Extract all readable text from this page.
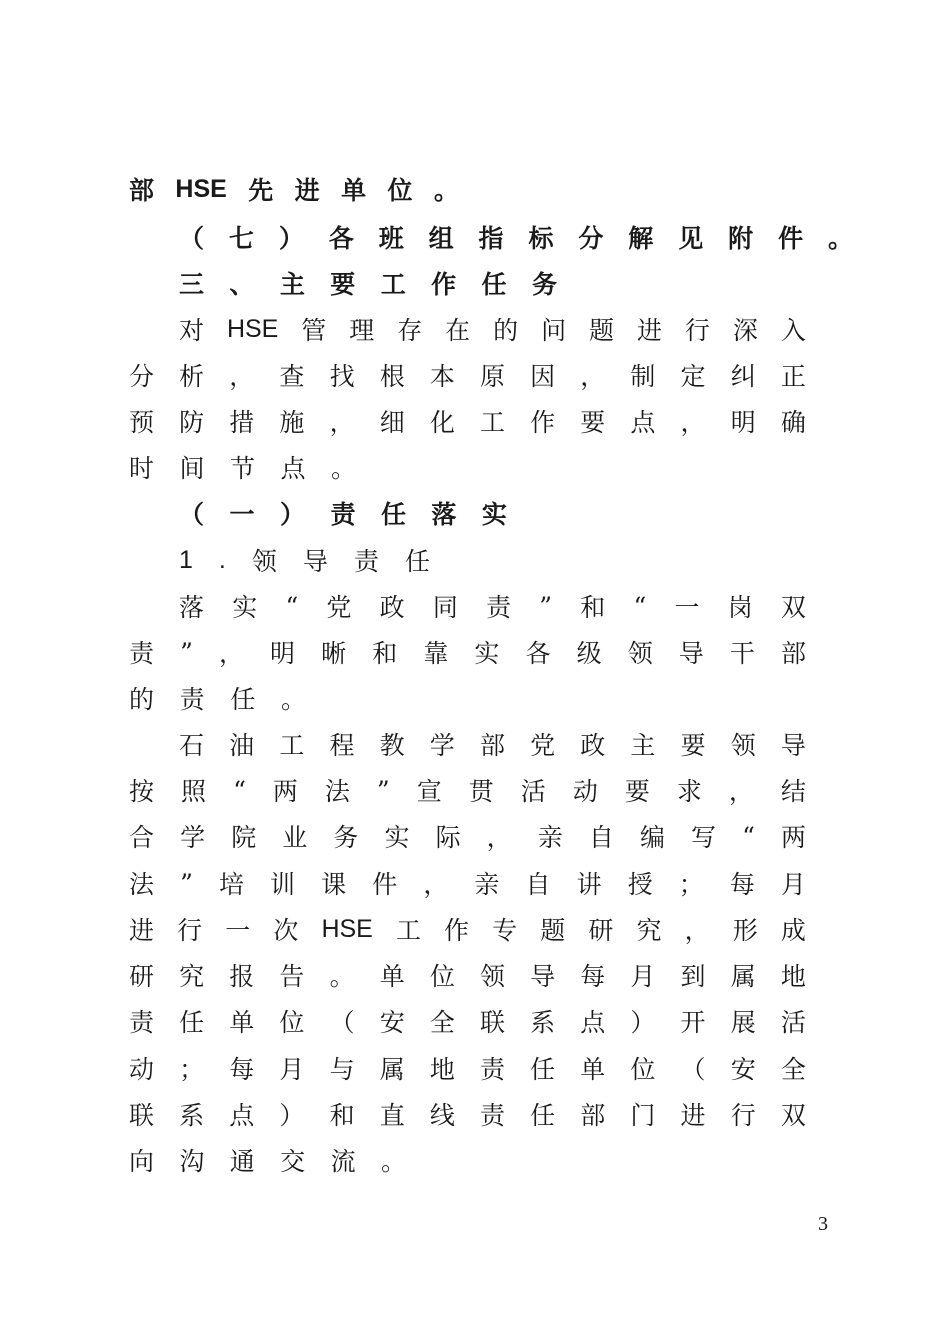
部 HSE 先 进 单 位 。
（ 七 ） 各 班 组 指 标 分 解 见 附 件 。
三 、 主 要 工 作 任 务
对 HSE 管 理 存 在 的 问 题 进 行 深 入
分 析 ， 查 找 根 本 原 因 ， 制 定 纠 正
预 防 措 施 ， 细 化 工 作 要 点 ， 明 确
时 间 节 点 。
（ 一 ） 责 任 落 实
1 . 领 导 责 任
落 实 “ 党 政 同 责 ” 和 “ 一 岗 双
责 ” ， 明 晰 和 靠 实 各 级 领 导 干 部
的 责 任 。
石 油 工 程 教 学 部 党 政 主 要 领 导
按 照 “ 两 法 ” 宣 贯 活 动 要 求 ， 结
合 学 院 业 务 实 际 ， 亲 自 编 写 “ 两
法 ” 培 训 课 件 ， 亲 自 讲 授 ； 每 月
进 行 一 次 HSE 工 作 专 题 研 究 ， 形 成
研 究 报 告 。 单 位 领 导 每 月 到 属 地
责 任 单 位 （ 安 全 联 系 点 ） 开 展 活
动 ； 每 月 与 属 地 责 任 单 位 （ 安 全
联 系 点 ） 和 直 线 责 任 部 门 进 行 双
向 沟 通 交 流 。
3
